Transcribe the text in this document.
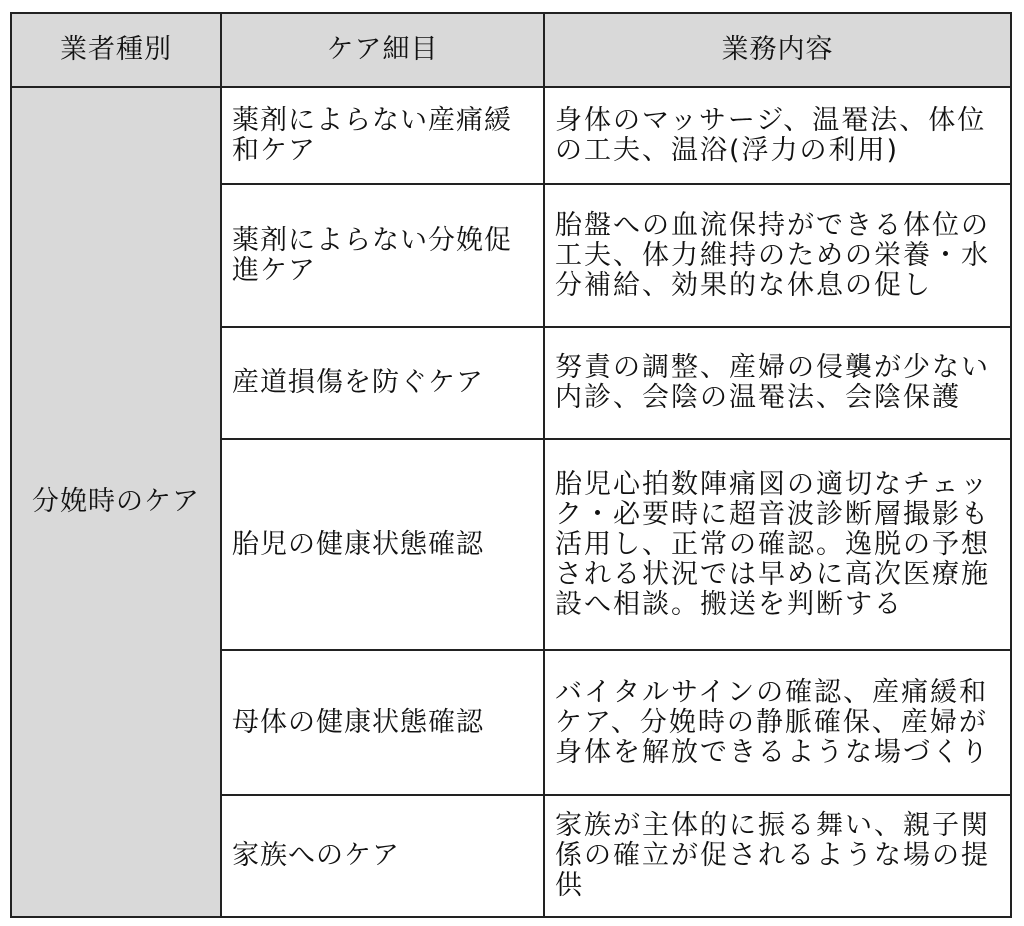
業者種別	ケア細目	業務内容
分娩時のケア	薬剤によらない産痛緩和ケア	身体のマッサージ、温罨法、体位の工夫、温浴(浮力の利用)
	薬剤によらない分娩促進ケア	胎盤への血流保持ができる体位の工夫、体力維持のための栄養・水分補給、効果的な休息の促し
	産道損傷を防ぐケア	努責の調整、産婦の侵襲が少ない内診、会陰の温罨法、会陰保護
	胎児の健康状態確認	胎児心拍数陣痛図の適切なチェック・必要時に超音波診断層撮影も活用し、正常の確認。逸脱の予想される状況では早めに高次医療施設へ相談。搬送を判断する
	母体の健康状態確認	バイタルサインの確認、産痛緩和ケア、分娩時の静脈確保、産婦が身体を解放できるような場づくり
	家族へのケア	家族が主体的に振る舞い、親子関係の確立が促されるような場の提供
